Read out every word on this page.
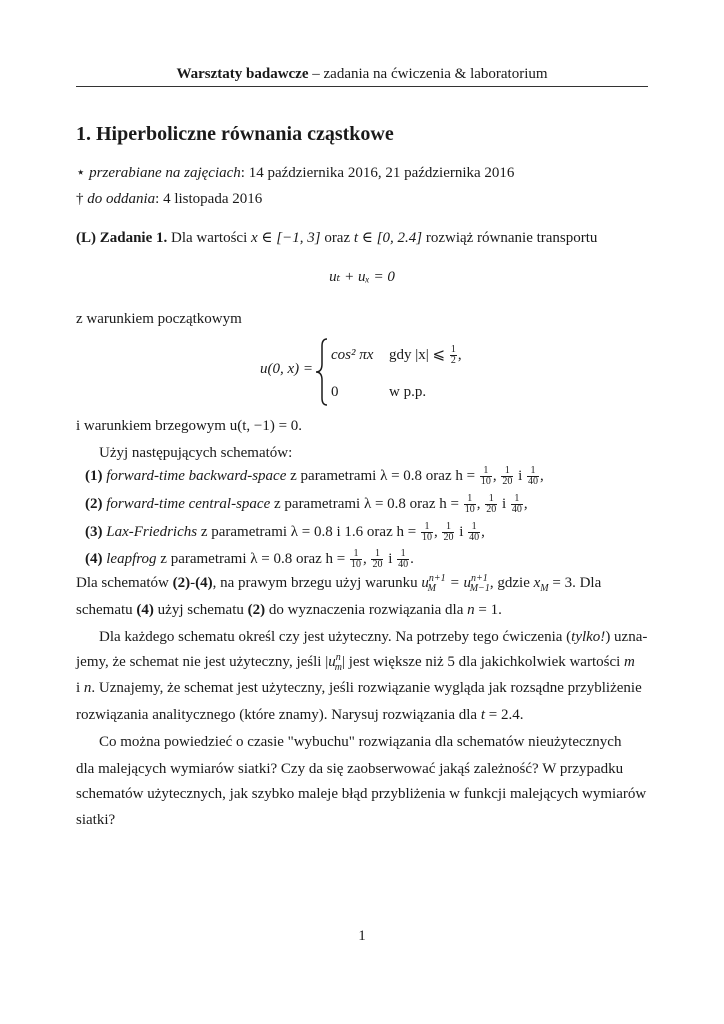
Warsztaty badawcze – zadania na ćwiczenia & laboratorium
1. Hiperboliczne równania cząstkowe
⋆ przerabiane na zajęciach: 14 października 2016, 21 października 2016
† do oddania: 4 listopada 2016
(L) Zadanie 1. Dla wartości x ∈ [−1, 3] oraz t ∈ [0, 2.4] rozwiąż równanie transportu
uₜ + uₓ = 0
z warunkiem początkowym
u(0, x) =
cos² πx gdy |x| ⩽ $\frac{1}{2}$ ,
0	w p.p.
i warunkiem brzegowym u(t, −1) = 0.
Użyj następujących schematów:
(1) forward-time backward-space z parametrami λ = 0.8 oraz $h = \frac{1}{10}$ , $\frac{1}{20}$ i $\frac{1}{40}$ ,
(2) forward-time central-space z parametrami λ = 0.8 oraz $h = \frac{1}{10}$ , $\frac{1}{20}$ i $\frac{1}{40}$ ,
(3) Lax-Friedrichs z parametrami λ = 0.8 i 1.6 oraz $h = \frac{1}{10}$ , $\frac{1}{20}$ i $\frac{1}{40}$ ,
(4) leapfrog z parametrami λ = 0.8 oraz $h = \frac{1}{10}$ , $\frac{1}{20}$ i $\frac{1}{40}$ .
Dla schematów (2)-(4), na prawym brzegu użyj warunku $u^{n+1}_M = u^{n+1}_{M-1}$, gdzie $x_M = 3$. Dla
schematu (4) użyj schematu (2) do wyznaczenia rozwiązania dla n = 1.
Dla każdego schematu określ czy jest użyteczny. Na potrzeby tego ćwiczenia (tylko!) uzna-
jemy, że schemat nie jest użyteczny, jeśli $|u^n_m|$ jest większe niż 5 dla jakichkolwiek wartości m
i n. Uznajemy, że schemat jest użyteczny, jeśli rozwiązanie wygląda jak rozsądne przybliżenie
rozwiązania analitycznego (które znamy). Narysuj rozwiązania dla t = 2.4.
Co można powiedzieć o czasie "wybuchu" rozwiązania dla schematów nieużytecznych
dla malejących wymiarów siatki? Czy da się zaobserwować jakąś zależność? W przypadku
schematów użytecznych, jak szybko maleje błąd przybliżenia w funkcji malejących wymiarów
siatki?
1
